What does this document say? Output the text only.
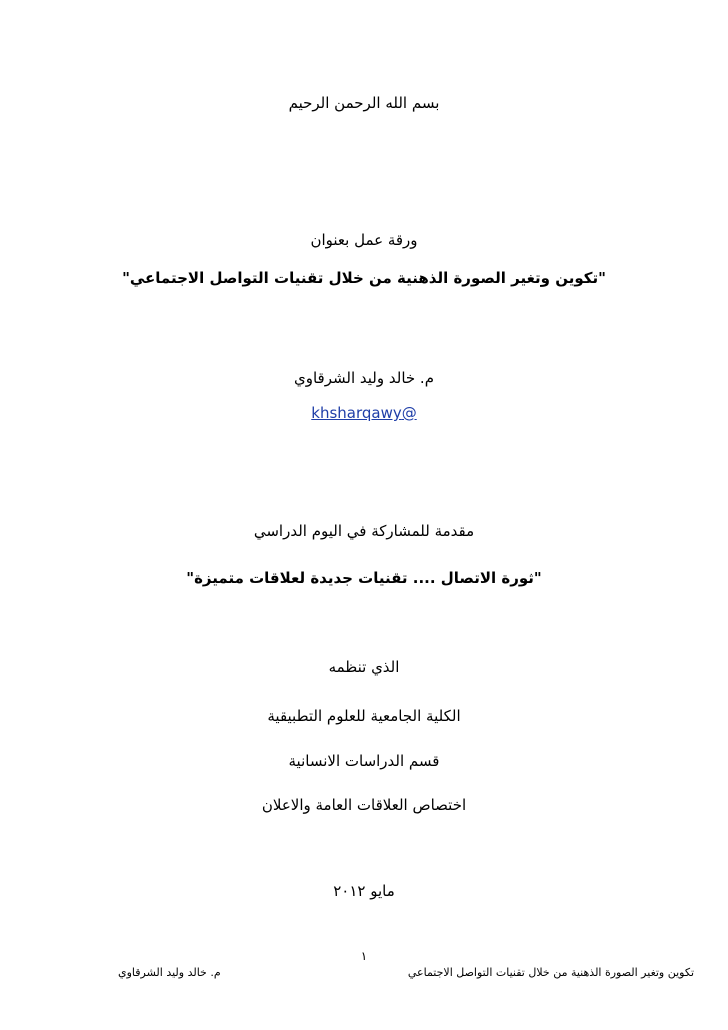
بسم الله الرحمن الرحيم
ورقة عمل بعنوان
"تكوين وتغير الصورة الذهنية من خلال تقنيات التواصل الاجتماعي"
م. خالد وليد الشرقاوي
@khsharqawy
مقدمة للمشاركة في اليوم الدراسي
"ثورة الاتصال .... تقنيات جديدة لعلاقات متميزة"
الذي تنظمه
الكلية الجامعية للعلوم التطبيقية
قسم الدراسات الانسانية
اختصاص العلاقات العامة والاعلان
مايو ٢٠١٢
١
تكوين وتغير الصورة الذهنية من خلال تقنيات التواصل الاجتماعي
م. خالد وليد الشرقاوي
